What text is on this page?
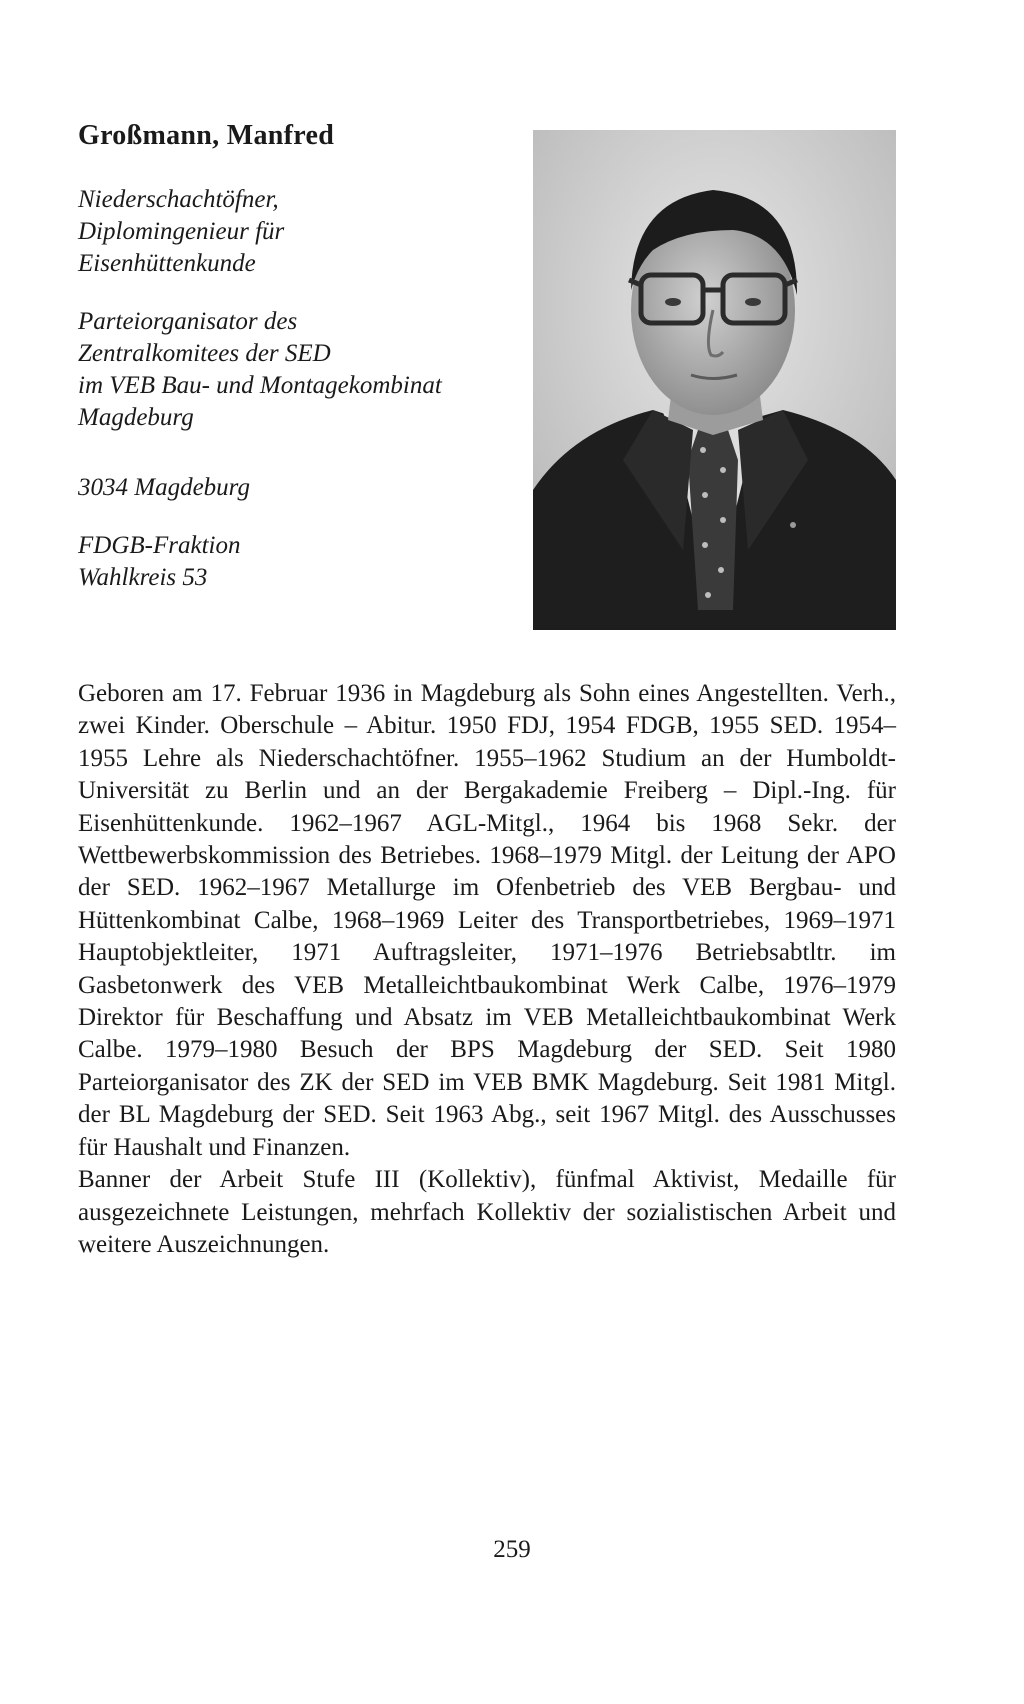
Großmann, Manfred
Niederschachtöfner,
Diplomingenieur für
Eisenhüttenkunde
Parteiorganisator des
Zentralkomitees der SED
im VEB Bau- und Montagekombinat
Magdeburg
3034 Magdeburg
FDGB-Fraktion
Wahlkreis 53

Geboren am 17. Februar 1936 in Magdeburg als Sohn eines Angestellten. Verh., zwei Kinder. Oberschule – Abitur. 1950 FDJ, 1954 FDGB, 1955 SED. 1954–1955 Lehre als Niederschachtöfner. 1955–1962 Studium an der Humboldt-Universität zu Berlin und an der Bergakademie Freiberg – Dipl.-Ing. für Eisenhüttenkunde. 1962–1967 AGL-Mitgl., 1964 bis 1968 Sekr. der Wettbewerbskommission des Betriebes. 1968–1979 Mitgl. der Leitung der APO der SED. 1962–1967 Metallurge im Ofenbetrieb des VEB Bergbau- und Hüttenkombinat Calbe, 1968–1969 Leiter des Transportbetriebes, 1969–1971 Hauptobjektleiter, 1971 Auftragsleiter, 1971–1976 Betriebsabtltr. im Gasbetonwerk des VEB Metalleichtbaukombinat Werk Calbe, 1976–1979 Direktor für Beschaffung und Absatz im VEB Metalleichtbaukombinat Werk Calbe. 1979–1980 Besuch der BPS Magdeburg der SED. Seit 1980 Parteiorganisator des ZK der SED im VEB BMK Magdeburg. Seit 1981 Mitgl. der BL Magdeburg der SED. Seit 1963 Abg., seit 1967 Mitgl. des Ausschusses für Haushalt und Finanzen.

Banner der Arbeit Stufe III (Kollektiv), fünfmal Aktivist, Medaille für ausgezeichnete Leistungen, mehrfach Kollektiv der sozialistischen Arbeit und weitere Auszeichnungen.

259
